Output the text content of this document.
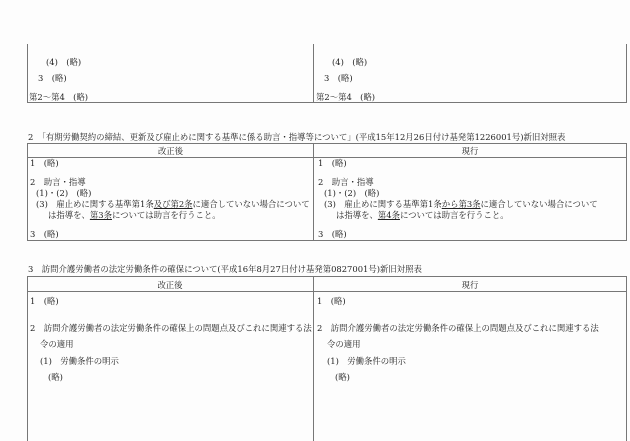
(4)　(略)
3　(略)
第2～第4　(略)
(4)　(略)
3　(略)
第2～第4　(略)
2　「有期労働契約の締結、更新及び雇止めに関する基準に係る助言・指導等について」(平成15年12月26日付け基発第1226001号)新旧対照表
改正後	現行
1　(略)
2　助言・指導
(1)・(2)　(略)
(3)　雇止めに関する基準第1条及び第2条に適合していない場合について
は指導を、第3条については助言を行うこと。
3　(略)
1　(略)
2　助言・指導
(1)・(2)　(略)
(3)　雇止めに関する基準第1条から第3条に適合していない場合について
は指導を、第4条については助言を行うこと。
3　(略)
3　訪問介護労働者の法定労働条件の確保について(平成16年8月27日付け基発第0827001号)新旧対照表
改正後	現行
1　(略)
2　訪問介護労働者の法定労働条件の確保上の問題点及びこれに関連する法
令の適用
(1)　労働条件の明示
(略)
1　(略)
2　訪問介護労働者の法定労働条件の確保上の問題点及びこれに関連する法
令の適用
(1)　労働条件の明示
(略)
